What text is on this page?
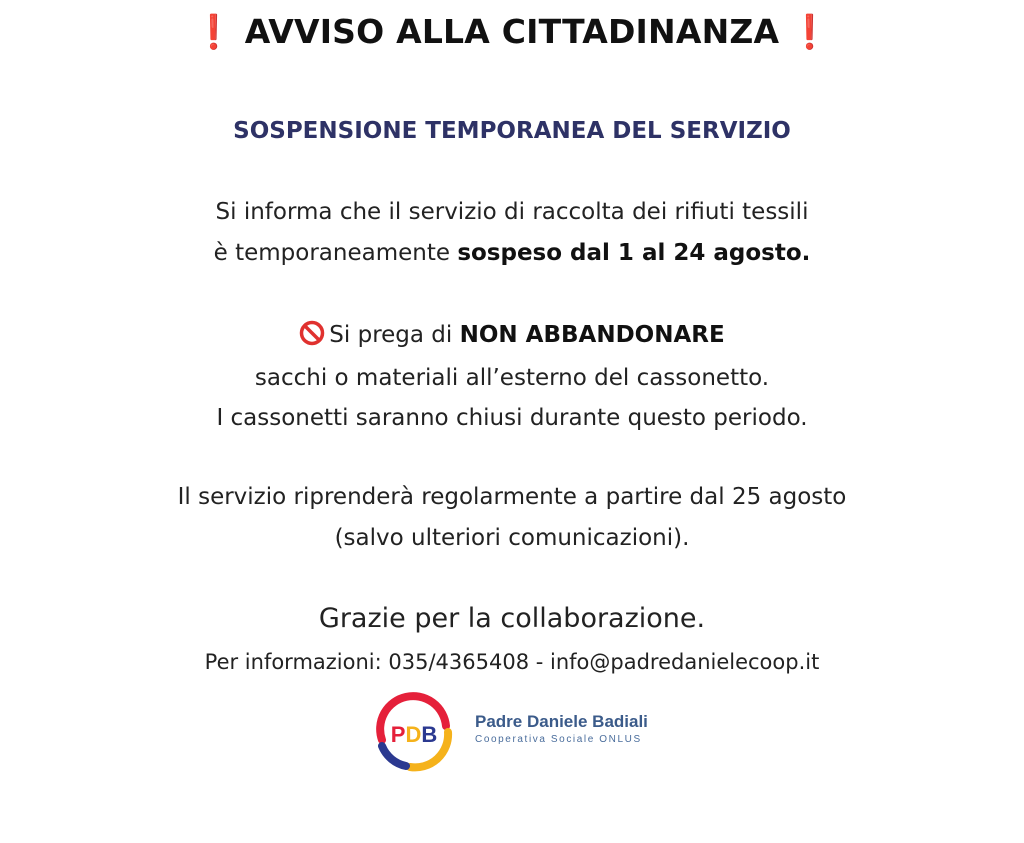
❗ AVVISO ALLA CITTADINANZA ❗
SOSPENSIONE TEMPORANEA DEL SERVIZIO
Si informa che il servizio di raccolta dei rifiuti tessili
è temporaneamente sospeso dal 1 al 24 agosto.
Si prega di NON ABBANDONARE
sacchi o materiali all’esterno del cassonetto.
I cassonetti saranno chiusi durante questo periodo.
Il servizio riprenderà regolarmente a partire dal 25 agosto
(salvo ulteriori comunicazioni).
Grazie per la collaborazione.
Per informazioni: 035/4365408 - info@padredanielecoop.it
PDB
Padre Daniele Badiali
Cooperativa Sociale ONLUS
